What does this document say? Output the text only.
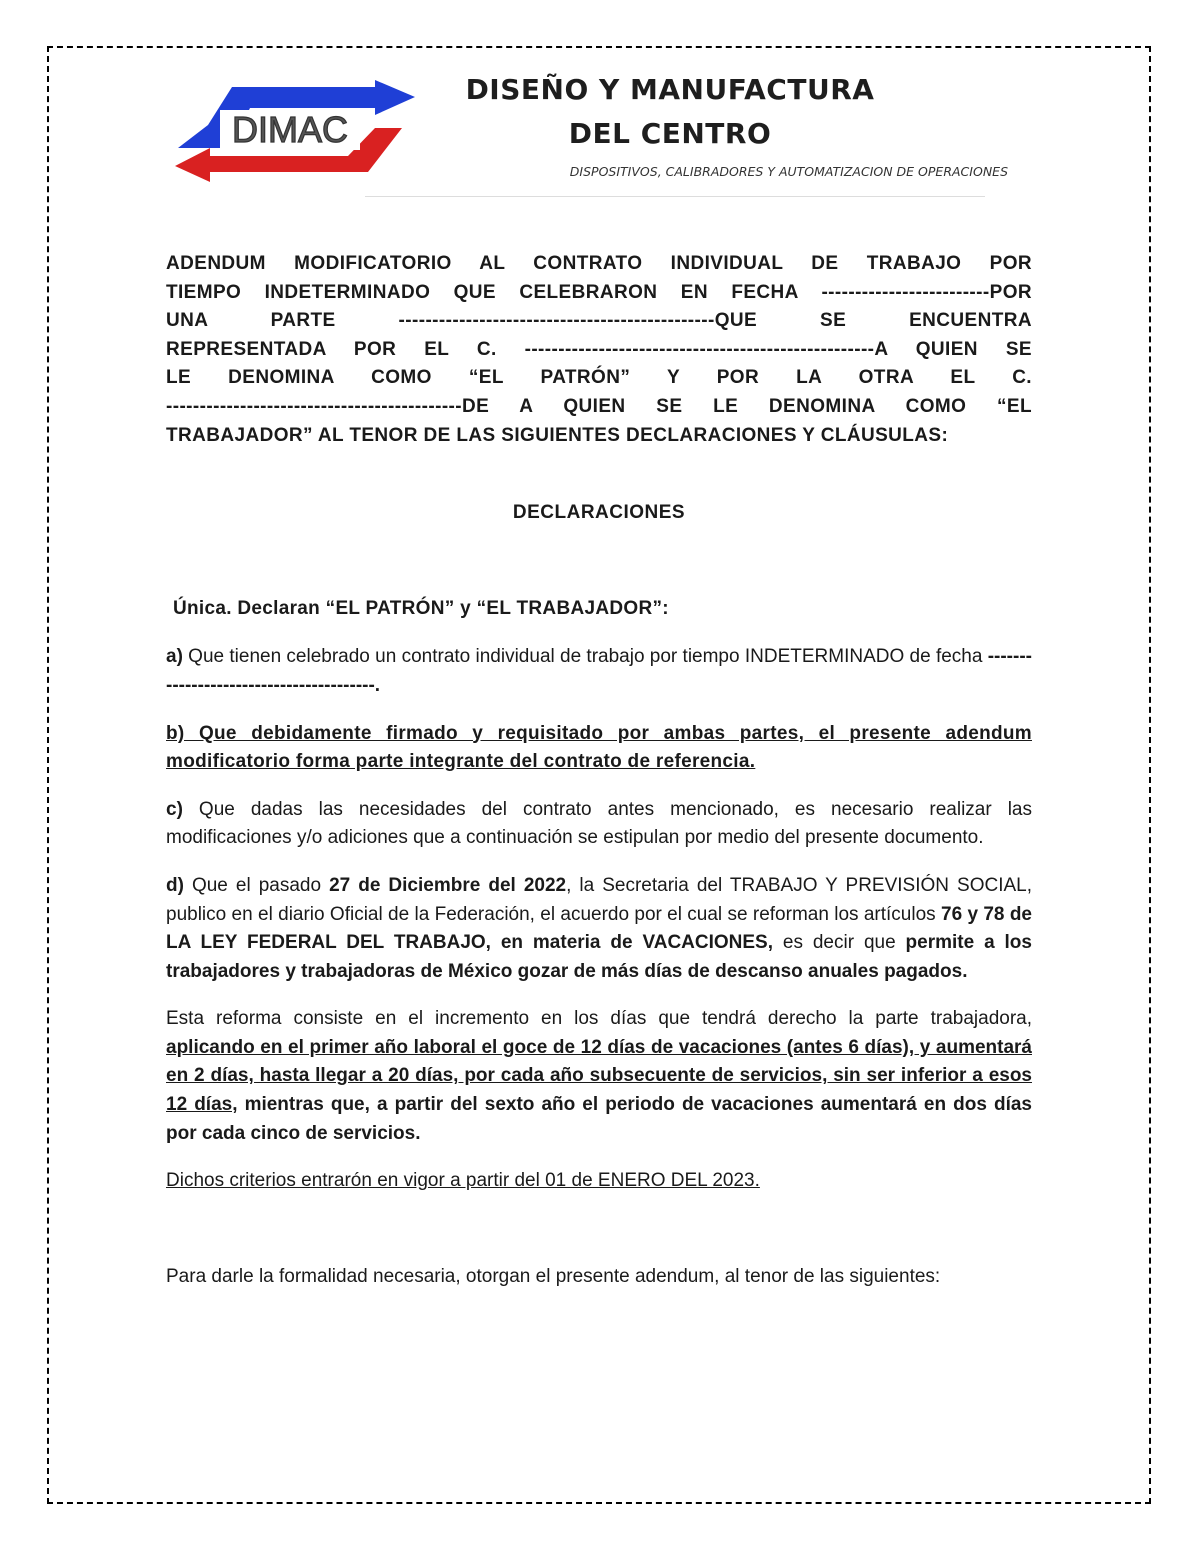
DIMAC
DISEÑO Y MANUFACTURA
DEL CENTRO
DISPOSITIVOS, CALIBRADORES Y AUTOMATIZACION DE OPERACIONES

ADENDUM MODIFICATORIO AL CONTRATO INDIVIDUAL DE TRABAJO POR
TIEMPO INDETERMINADO QUE CELEBRARON EN FECHA -------------------------POR
UNA PARTE -----------------------------------------------QUE SE ENCUENTRA
REPRESENTADA POR EL C. ----------------------------------------------------A QUIEN SE
LE DENOMINA COMO “EL PATRÓN” Y POR LA OTRA EL C.
--------------------------------------------DE A QUIEN SE LE DENOMINA COMO “EL
TRABAJADOR” AL TENOR DE LAS SIGUIENTES DECLARACIONES Y CLÁUSULAS:

DECLARACIONES

Única. Declaran “EL PATRÓN” y “EL TRABAJADOR”:

a) Que tienen celebrado un contrato individual de trabajo por tiempo INDETERMINADO de fecha ----------------------------------------.

b) Que debidamente firmado y requisitado por ambas partes, el presente adendum modificatorio forma parte integrante del contrato de referencia.

c) Que dadas las necesidades del contrato antes mencionado, es necesario realizar las modificaciones y/o adiciones que a continuación se estipulan por medio del presente documento.

d) Que el pasado 27 de Diciembre del 2022, la Secretaria del TRABAJO Y PREVISIÓN SOCIAL, publico en el diario Oficial de la Federación, el acuerdo por el cual se reforman los artículos 76 y 78 de LA LEY FEDERAL DEL TRABAJO, en materia de VACACIONES, es decir que permite a los trabajadores y trabajadoras de México gozar de más días de descanso anuales pagados.

Esta reforma consiste en el incremento en los días que tendrá derecho la parte trabajadora, aplicando en el primer año laboral el goce de 12 días de vacaciones (antes 6 días), y aumentará en 2 días, hasta llegar a 20 días, por cada año subsecuente de servicios, sin ser inferior a esos 12 días, mientras que, a partir del sexto año el periodo de vacaciones aumentará en dos días por cada cinco de servicios.

Dichos criterios entrarón en vigor a partir del 01 de ENERO DEL 2023.

Para darle la formalidad necesaria, otorgan el presente adendum, al tenor de las siguientes:
